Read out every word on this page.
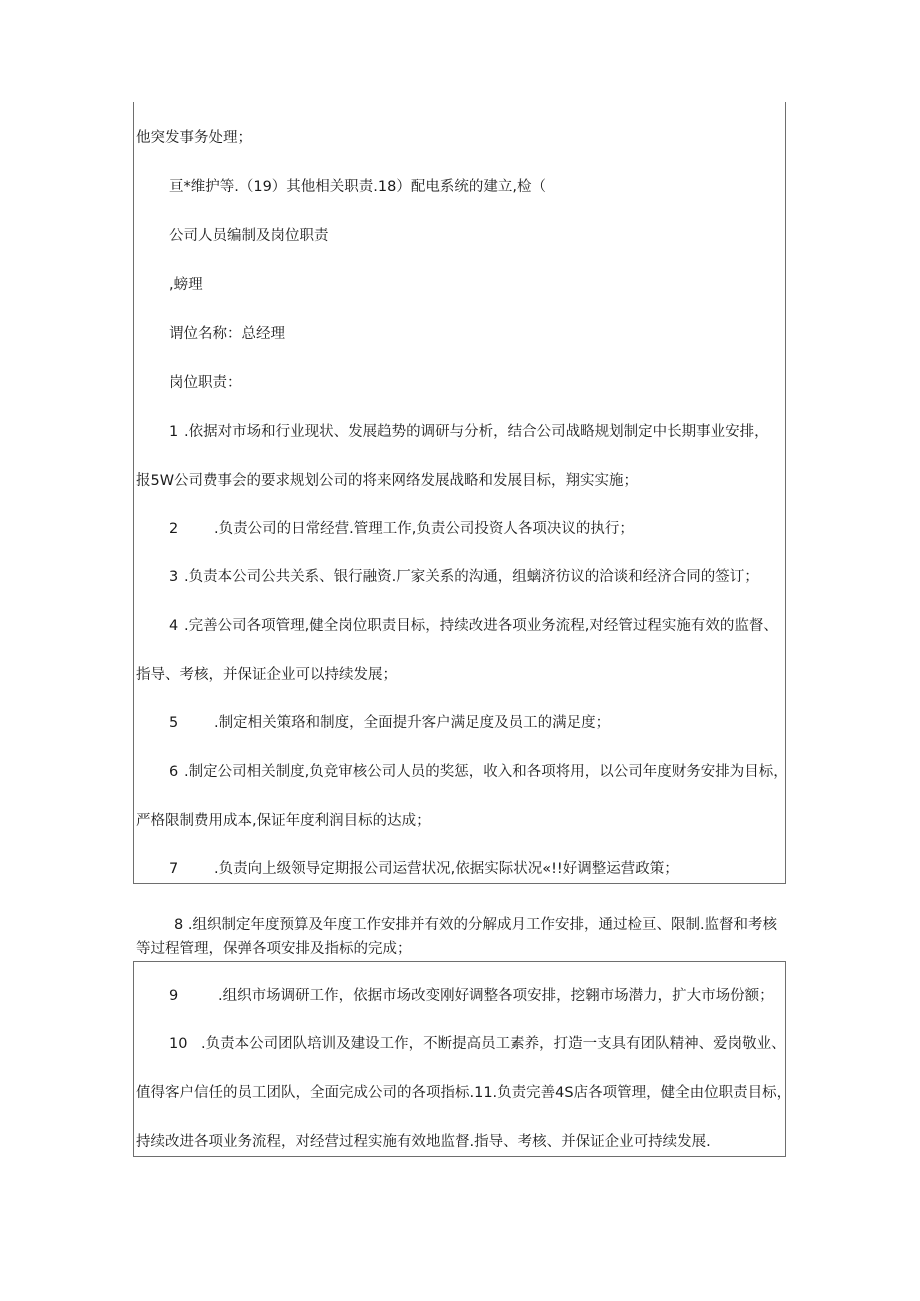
他突发事务处理；
亘*维护等.（19）其他相关职责.18）配电系统的建立,检（
公司人员编制及岗位职责
,螃理
谓位名称：总经理
岗位职责：
1 .依据对市场和行业现状、发展趋势的调研与分析，结合公司战略规划制定中长期事业安排，
报5W公司费事会的要求规划公司的将来网络发展战略和发展目标，翔实实施；
2 .负责公司的日常经营.管理工作,负责公司投资人各项决议的执行；
3 .负责本公司公共关系、银行融资.厂家关系的沟通，组螭济彷议的洽谈和经济合同的签订；
4 .完善公司各项管理,健全岗位职责目标，持续改进各项业务流程,对经管过程实施有效的监督、
指导、考核，并保证企业可以持续发展；
5 .制定相关策珞和制度，全面提升客户满足度及员工的满足度；
6 .制定公司相关制度,负竞审核公司人员的奖惩，收入和各项将用，以公司年度财务安排为目标，
严格限制费用成本,保证年度利润目标的达成；
7 .负责向上级领导定期报公司运营状况,依据实际状况«!!好调整运营政策；
8 .组织制定年度预算及年度工作安排并有效的分解成月工作安排，通过检亘、限制.监督和考核
等过程管理，保弹各项安排及指标的完成；
9	.组织市场调研工作，依据市场改变刚好调整各项安排，挖翱市场潜力，扩大市场份额；
10 .负责本公司团队培训及建设工作，不断提高员工素养，打造一支具有团队精神、爱岗敬业、
值得客户信任的员工团队，全面完成公司的各项指标.11.负责完善4S店各项管理，健全由位职责目标，
持续改进各项业务流程，对经营过程实施有效地监督.指导、考核、并保证企业可持续发展.
